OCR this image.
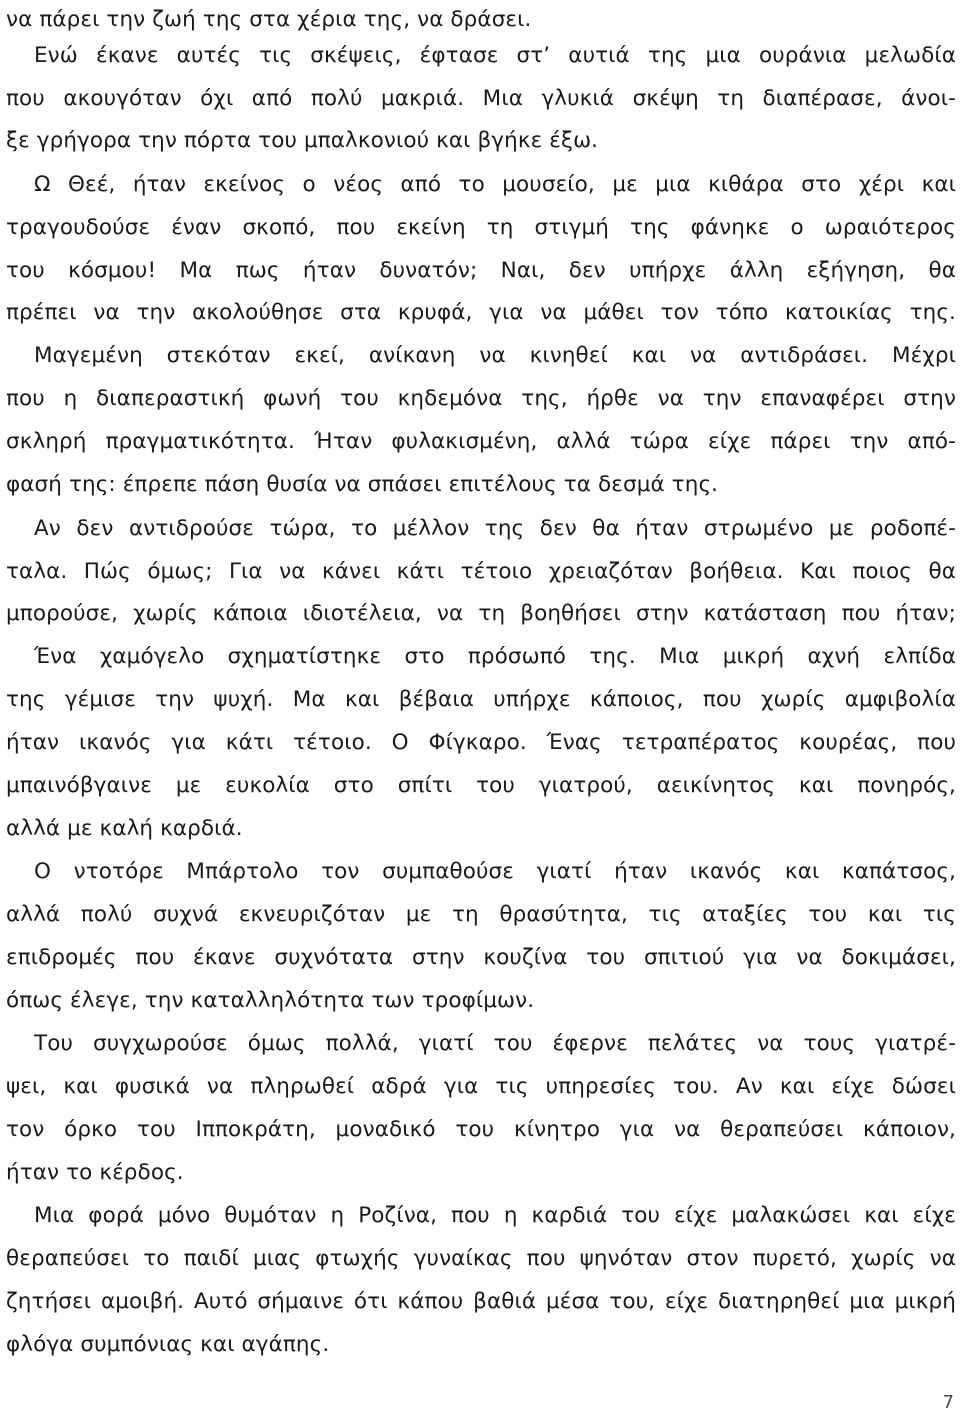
να πάρει την ζωή της στα χέρια της, να δράσει.
Ενώ έκανε αυτές τις σκέψεις, έφτασε στ’ αυτιά της μια ουράνια μελωδία
που ακουγόταν όχι από πολύ μακριά. Μια γλυκιά σκέψη τη διαπέρασε, άνοι-
ξε γρήγορα την πόρτα του μπαλκονιού και βγήκε έξω.
Ω Θεέ, ήταν εκείνος ο νέος από το μουσείο, με μια κιθάρα στο χέρι και
τραγουδούσε έναν σκοπό, που εκείνη τη στιγμή της φάνηκε ο ωραιότερος
του κόσμου! Μα πως ήταν δυνατόν; Ναι, δεν υπήρχε άλλη εξήγηση, θα
πρέπει να την ακολούθησε στα κρυφά, για να μάθει τον τόπο κατοικίας της.
Μαγεμένη στεκόταν εκεί, ανίκανη να κινηθεί και να αντιδράσει. Μέχρι
που η διαπεραστική φωνή του κηδεμόνα της, ήρθε να την επαναφέρει στην
σκληρή πραγματικότητα. Ήταν φυλακισμένη, αλλά τώρα είχε πάρει την από-
φασή της: έπρεπε πάση θυσία να σπάσει επιτέλους τα δεσμά της.
Αν δεν αντιδρούσε τώρα, το μέλλον της δεν θα ήταν στρωμένο με ροδοπέ-
ταλα. Πώς όμως; Για να κάνει κάτι τέτοιο χρειαζόταν βοήθεια. Και ποιος θα
μπορούσε, χωρίς κάποια ιδιοτέλεια, να τη βοηθήσει στην κατάσταση που ήταν;
Ένα χαμόγελο σχηματίστηκε στο πρόσωπό της. Μια μικρή αχνή ελπίδα
της γέμισε την ψυχή. Μα και βέβαια υπήρχε κάποιος, που χωρίς αμφιβολία
ήταν ικανός για κάτι τέτοιο. Ο Φίγκαρο. Ένας τετραπέρατος κουρέας, που
μπαινόβγαινε με ευκολία στο σπίτι του γιατρού, αεικίνητος και πονηρός,
αλλά με καλή καρδιά.
Ο ντοτόρε Μπάρτολο τον συμπαθούσε γιατί ήταν ικανός και καπάτσος,
αλλά πολύ συχνά εκνευριζόταν με τη θρασύτητα, τις αταξίες του και τις
επιδρομές που έκανε συχνότατα στην κουζίνα του σπιτιού για να δοκιμάσει,
όπως έλεγε, την καταλληλότητα των τροφίμων.
Του συγχωρούσε όμως πολλά, γιατί του έφερνε πελάτες να τους γιατρέ-
ψει, και φυσικά να πληρωθεί αδρά για τις υπηρεσίες του. Αν και είχε δώσει
τον όρκο του Ιπποκράτη, μοναδικό του κίνητρο για να θεραπεύσει κάποιον,
ήταν το κέρδος.
Μια φορά μόνο θυμόταν η Ροζίνα, που η καρδιά του είχε μαλακώσει και είχε
θεραπεύσει το παιδί μιας φτωχής γυναίκας που ψηνόταν στον πυρετό, χωρίς να
ζητήσει αμοιβή. Αυτό σήμαινε ότι κάπου βαθιά μέσα του, είχε διατηρηθεί μια μικρή
φλόγα συμπόνιας και αγάπης.
7
